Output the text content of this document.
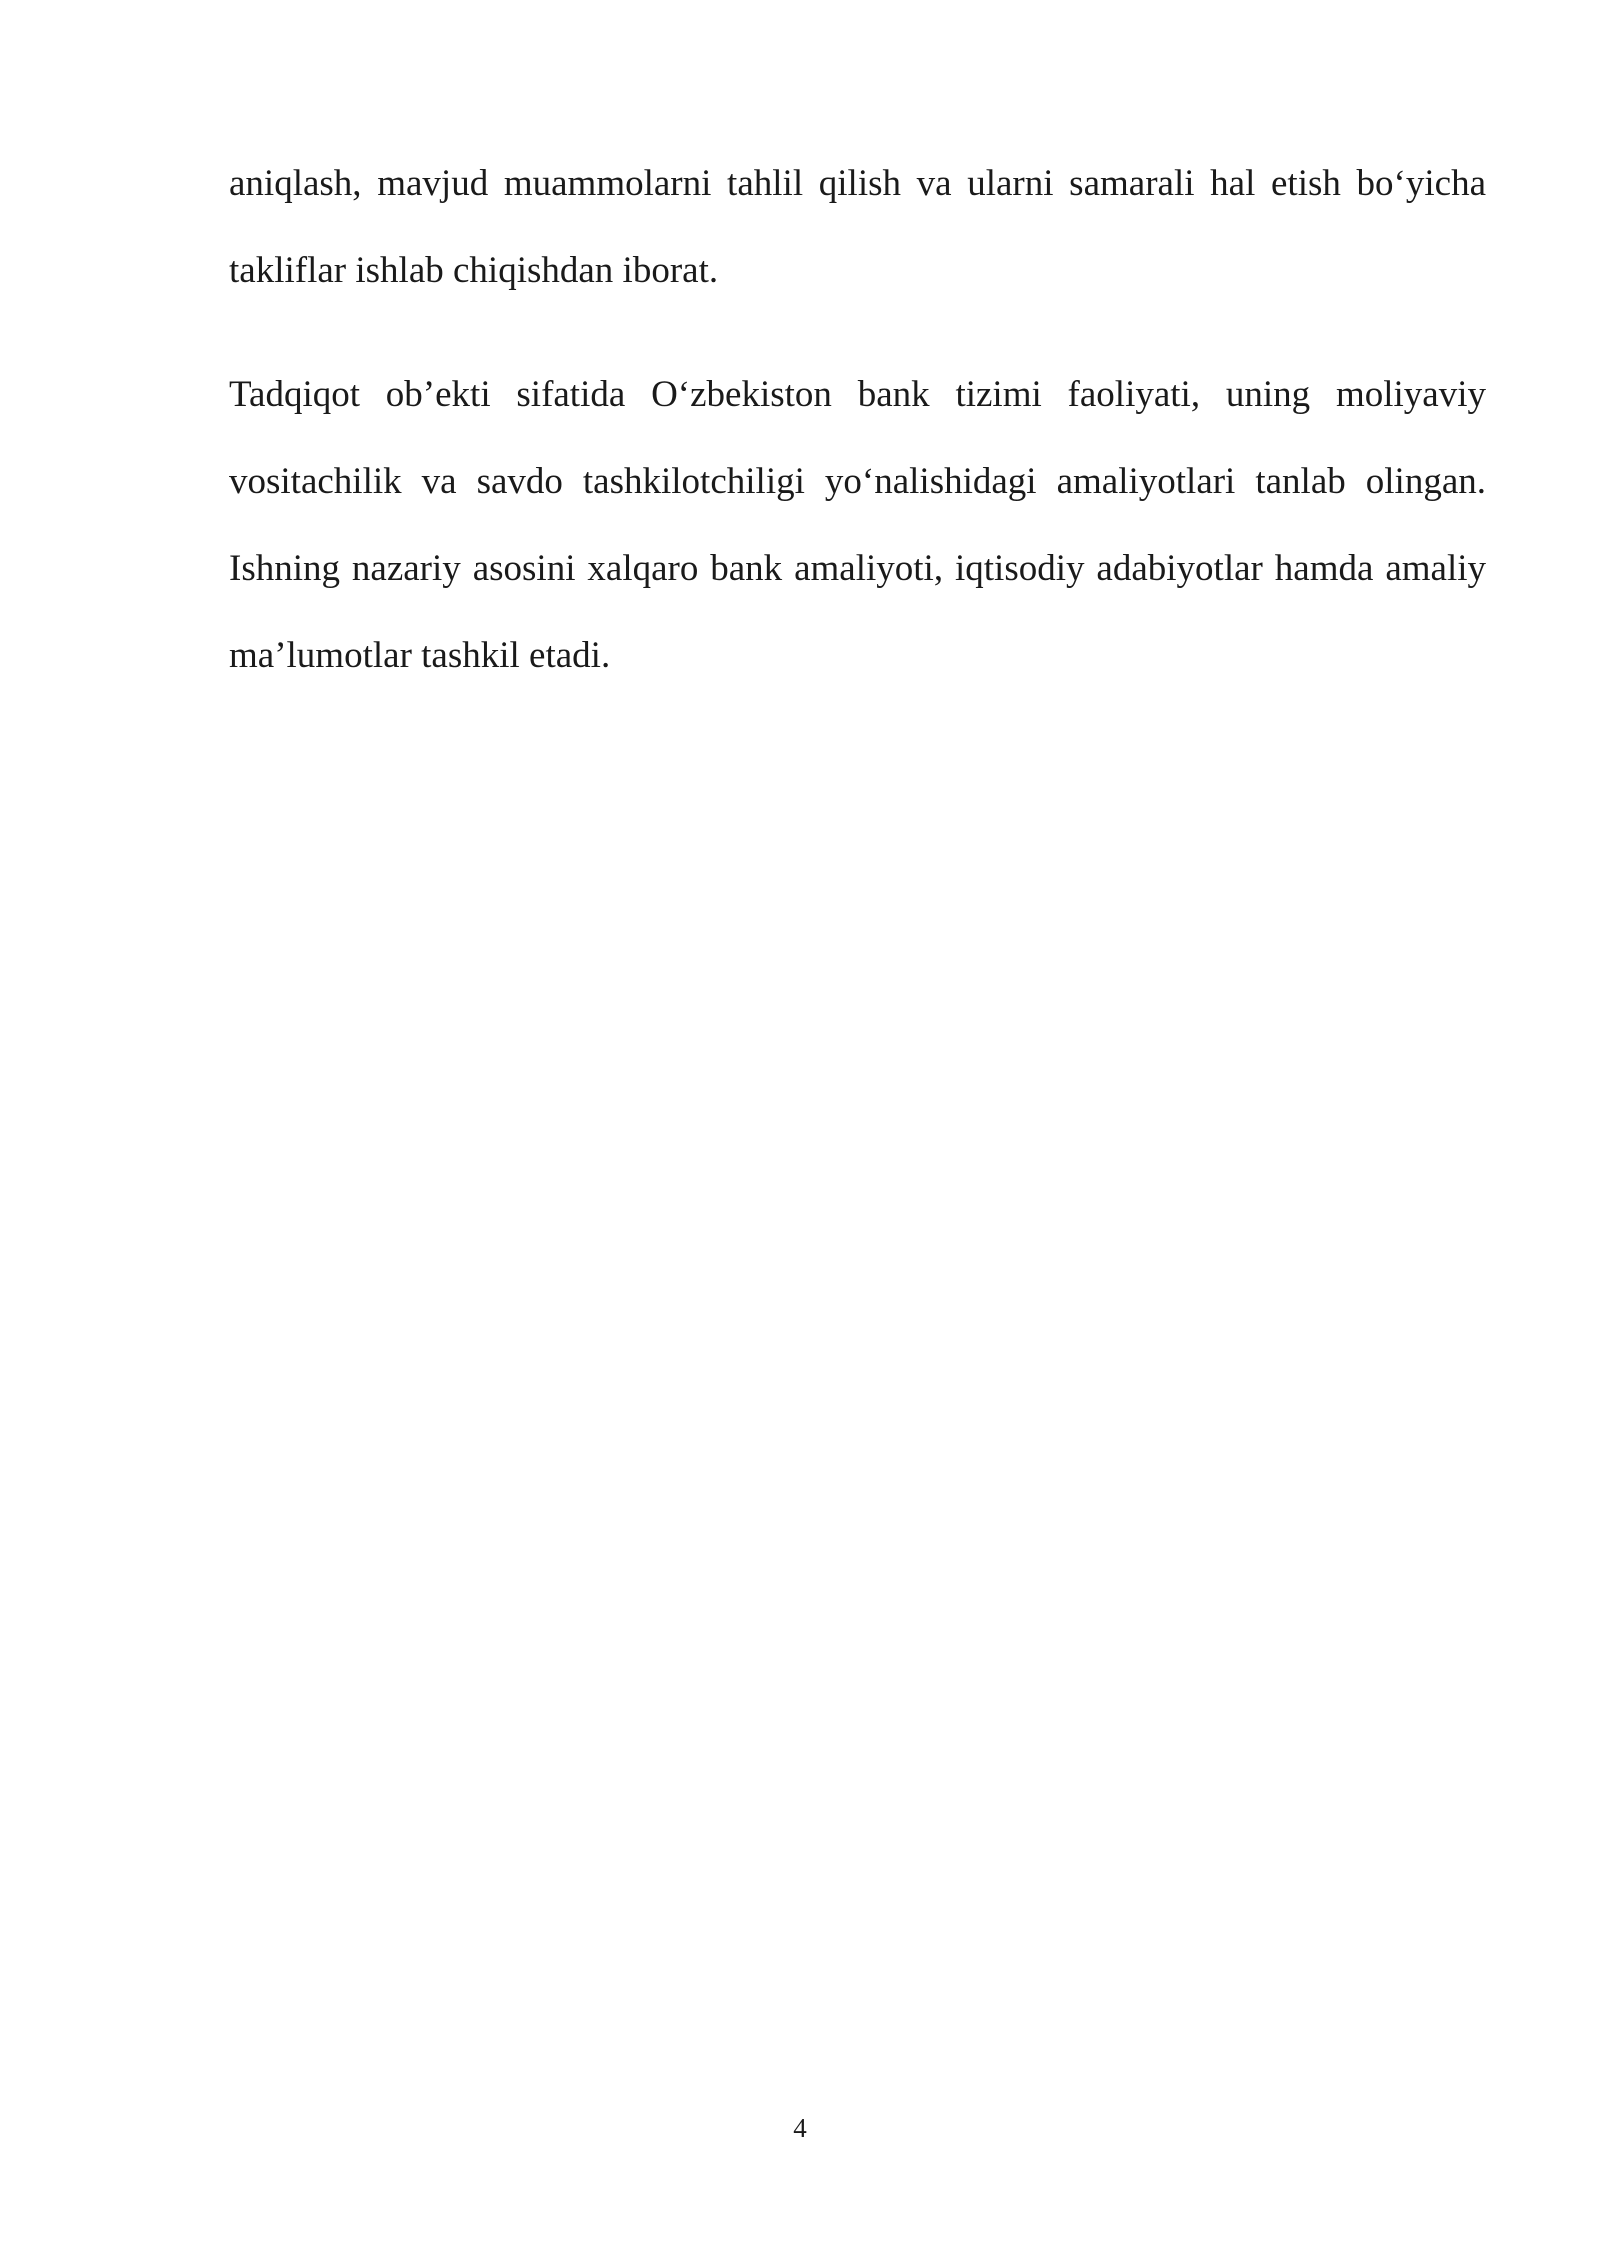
aniqlash, mavjud muammolarni tahlil qilish va ularni samarali hal etish bo‘yicha takliflar ishlab chiqishdan iborat.

Tadqiqot ob’ekti sifatida O‘zbekiston bank tizimi faoliyati, uning moliyaviy vositachilik va savdo tashkilotchiligi yo‘nalishidagi amaliyotlari tanlab olingan. Ishning nazariy asosini xalqaro bank amaliyoti, iqtisodiy adabiyotlar hamda amaliy ma’lumotlar tashkil etadi.

4
